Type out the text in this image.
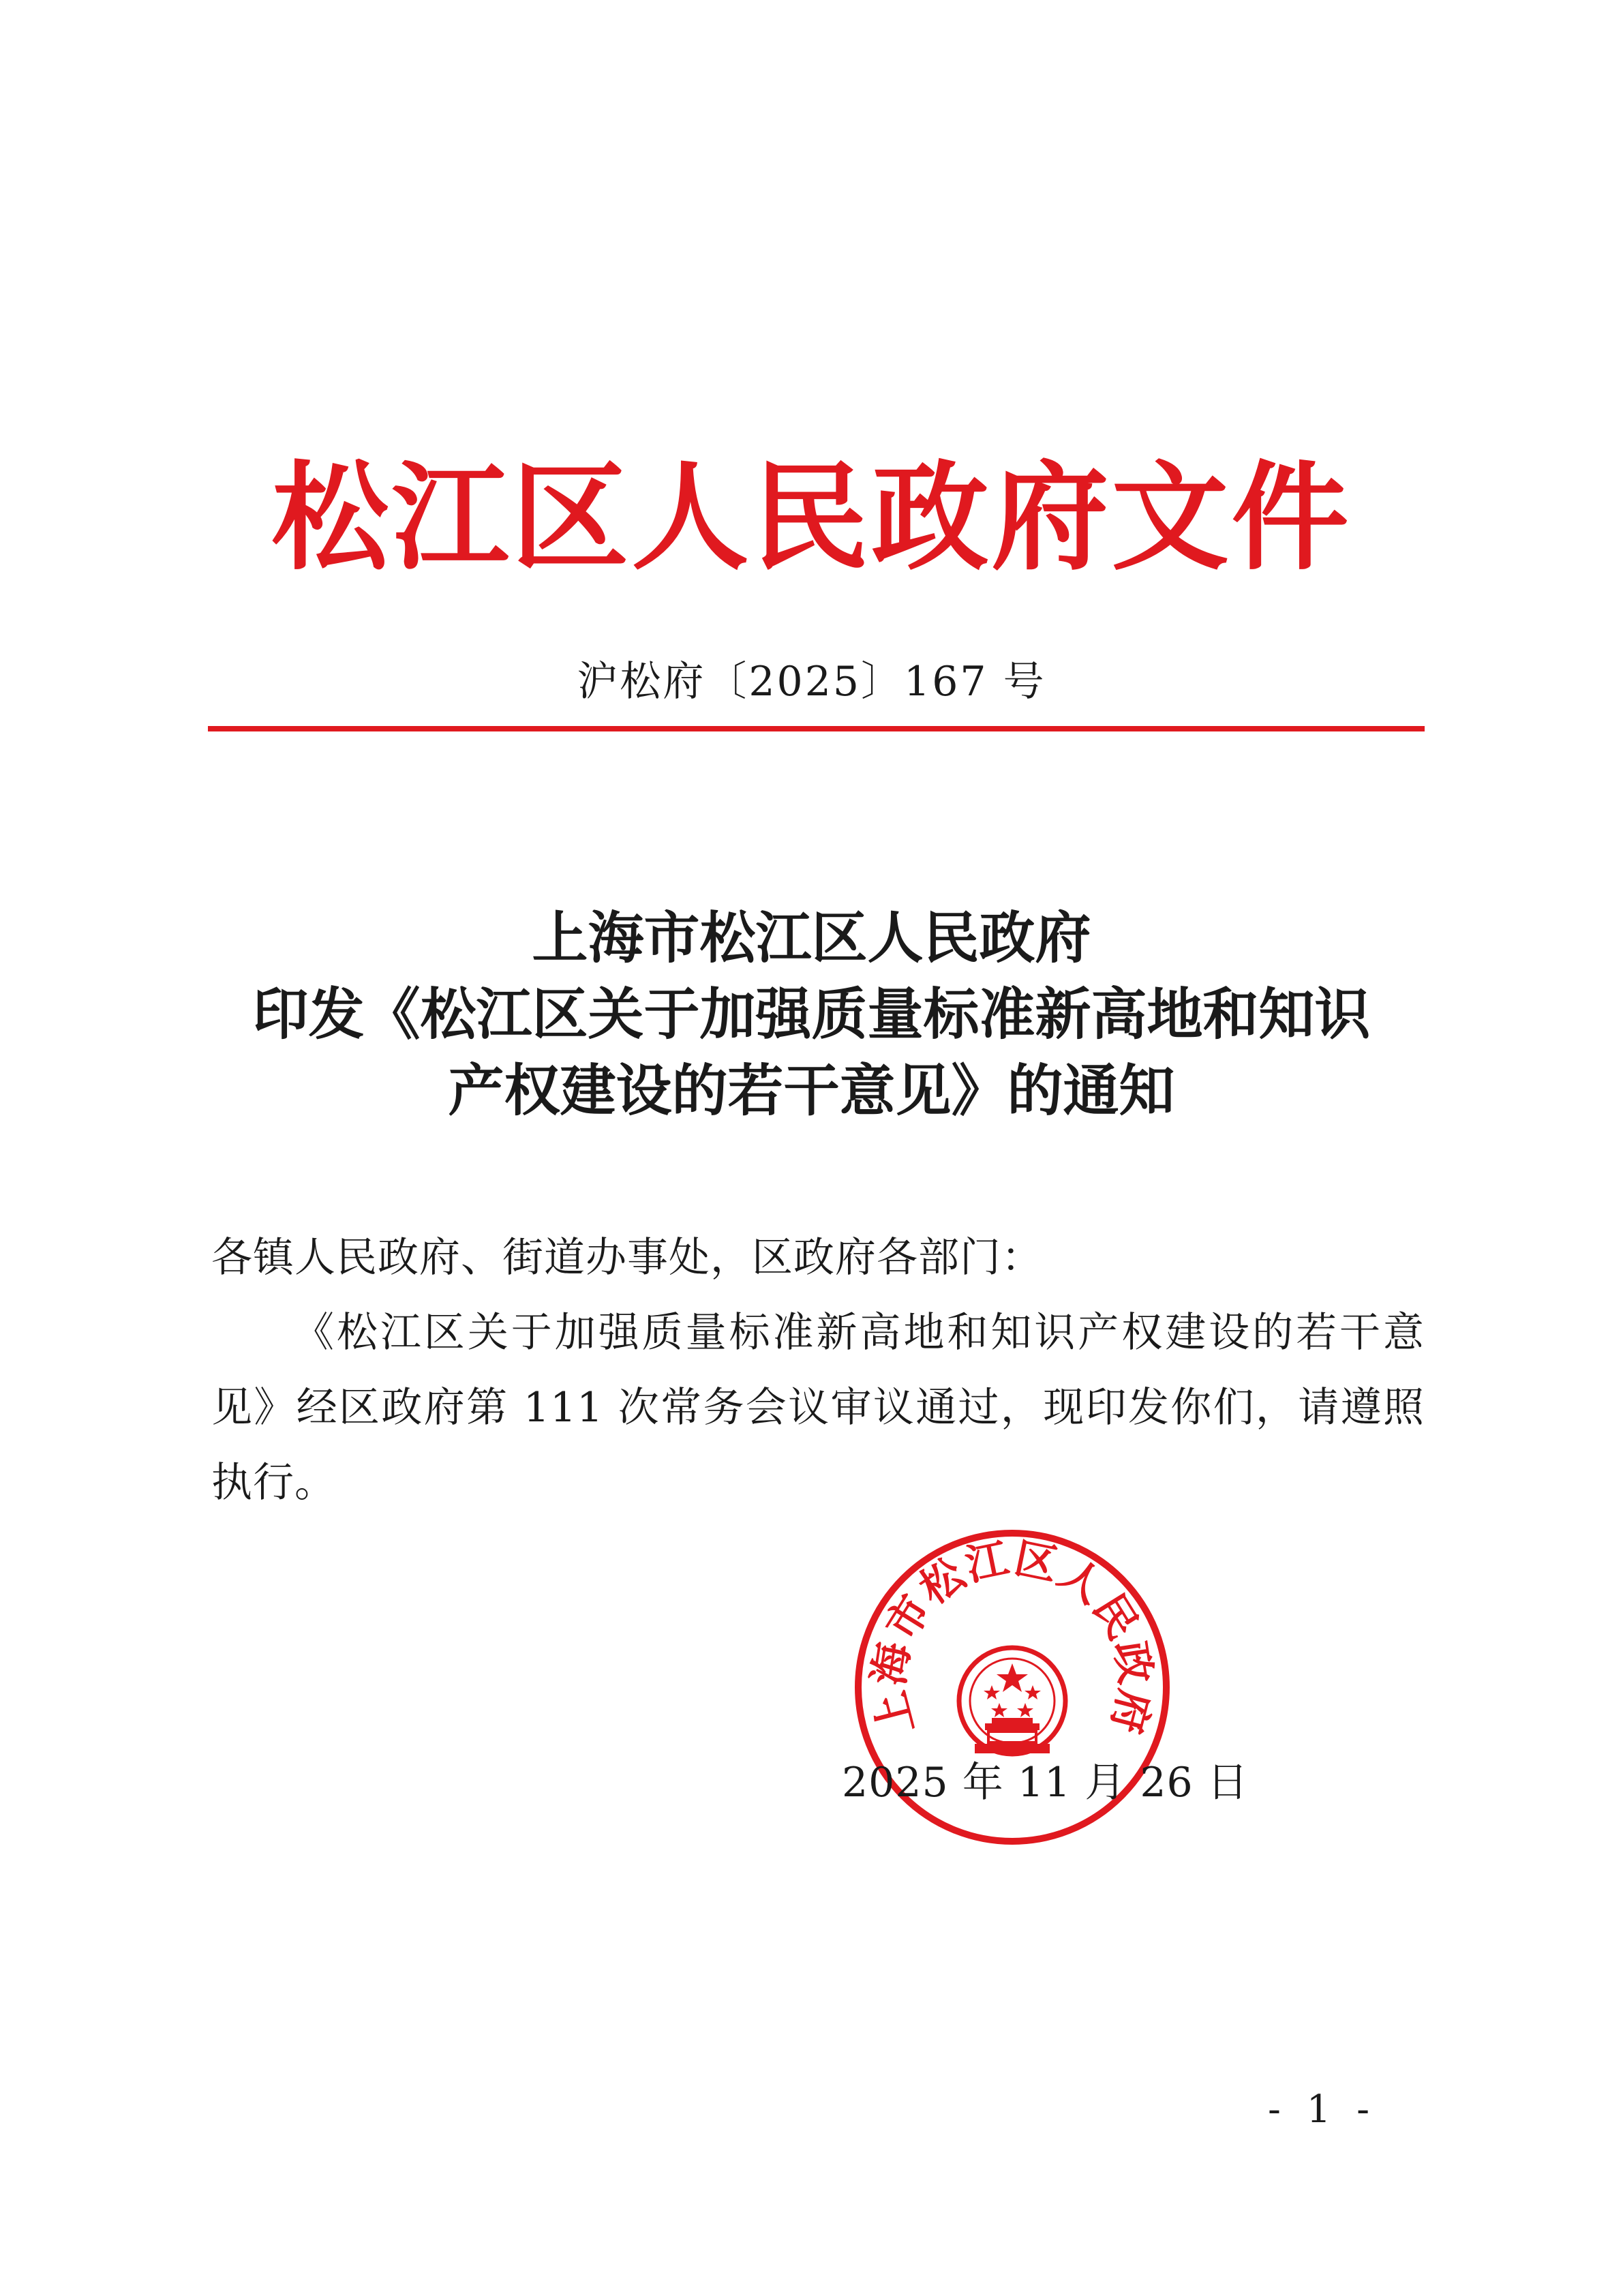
松江区人民政府文件
沪松府〔2025〕167 号
上海市松江区人民政府
印发《松江区关于加强质量标准新高地和知识
产权建设的若干意见》的通知

各镇人民政府、街道办事处，区政府各部门：

《松江区关于加强质量标准新高地和知识产权建设的若干意见》经区政府第 111 次常务会议审议通过，现印发你们，请遵照执行。

上海市松江区人民政府
2025 年 11 月 26 日
- 1 -
